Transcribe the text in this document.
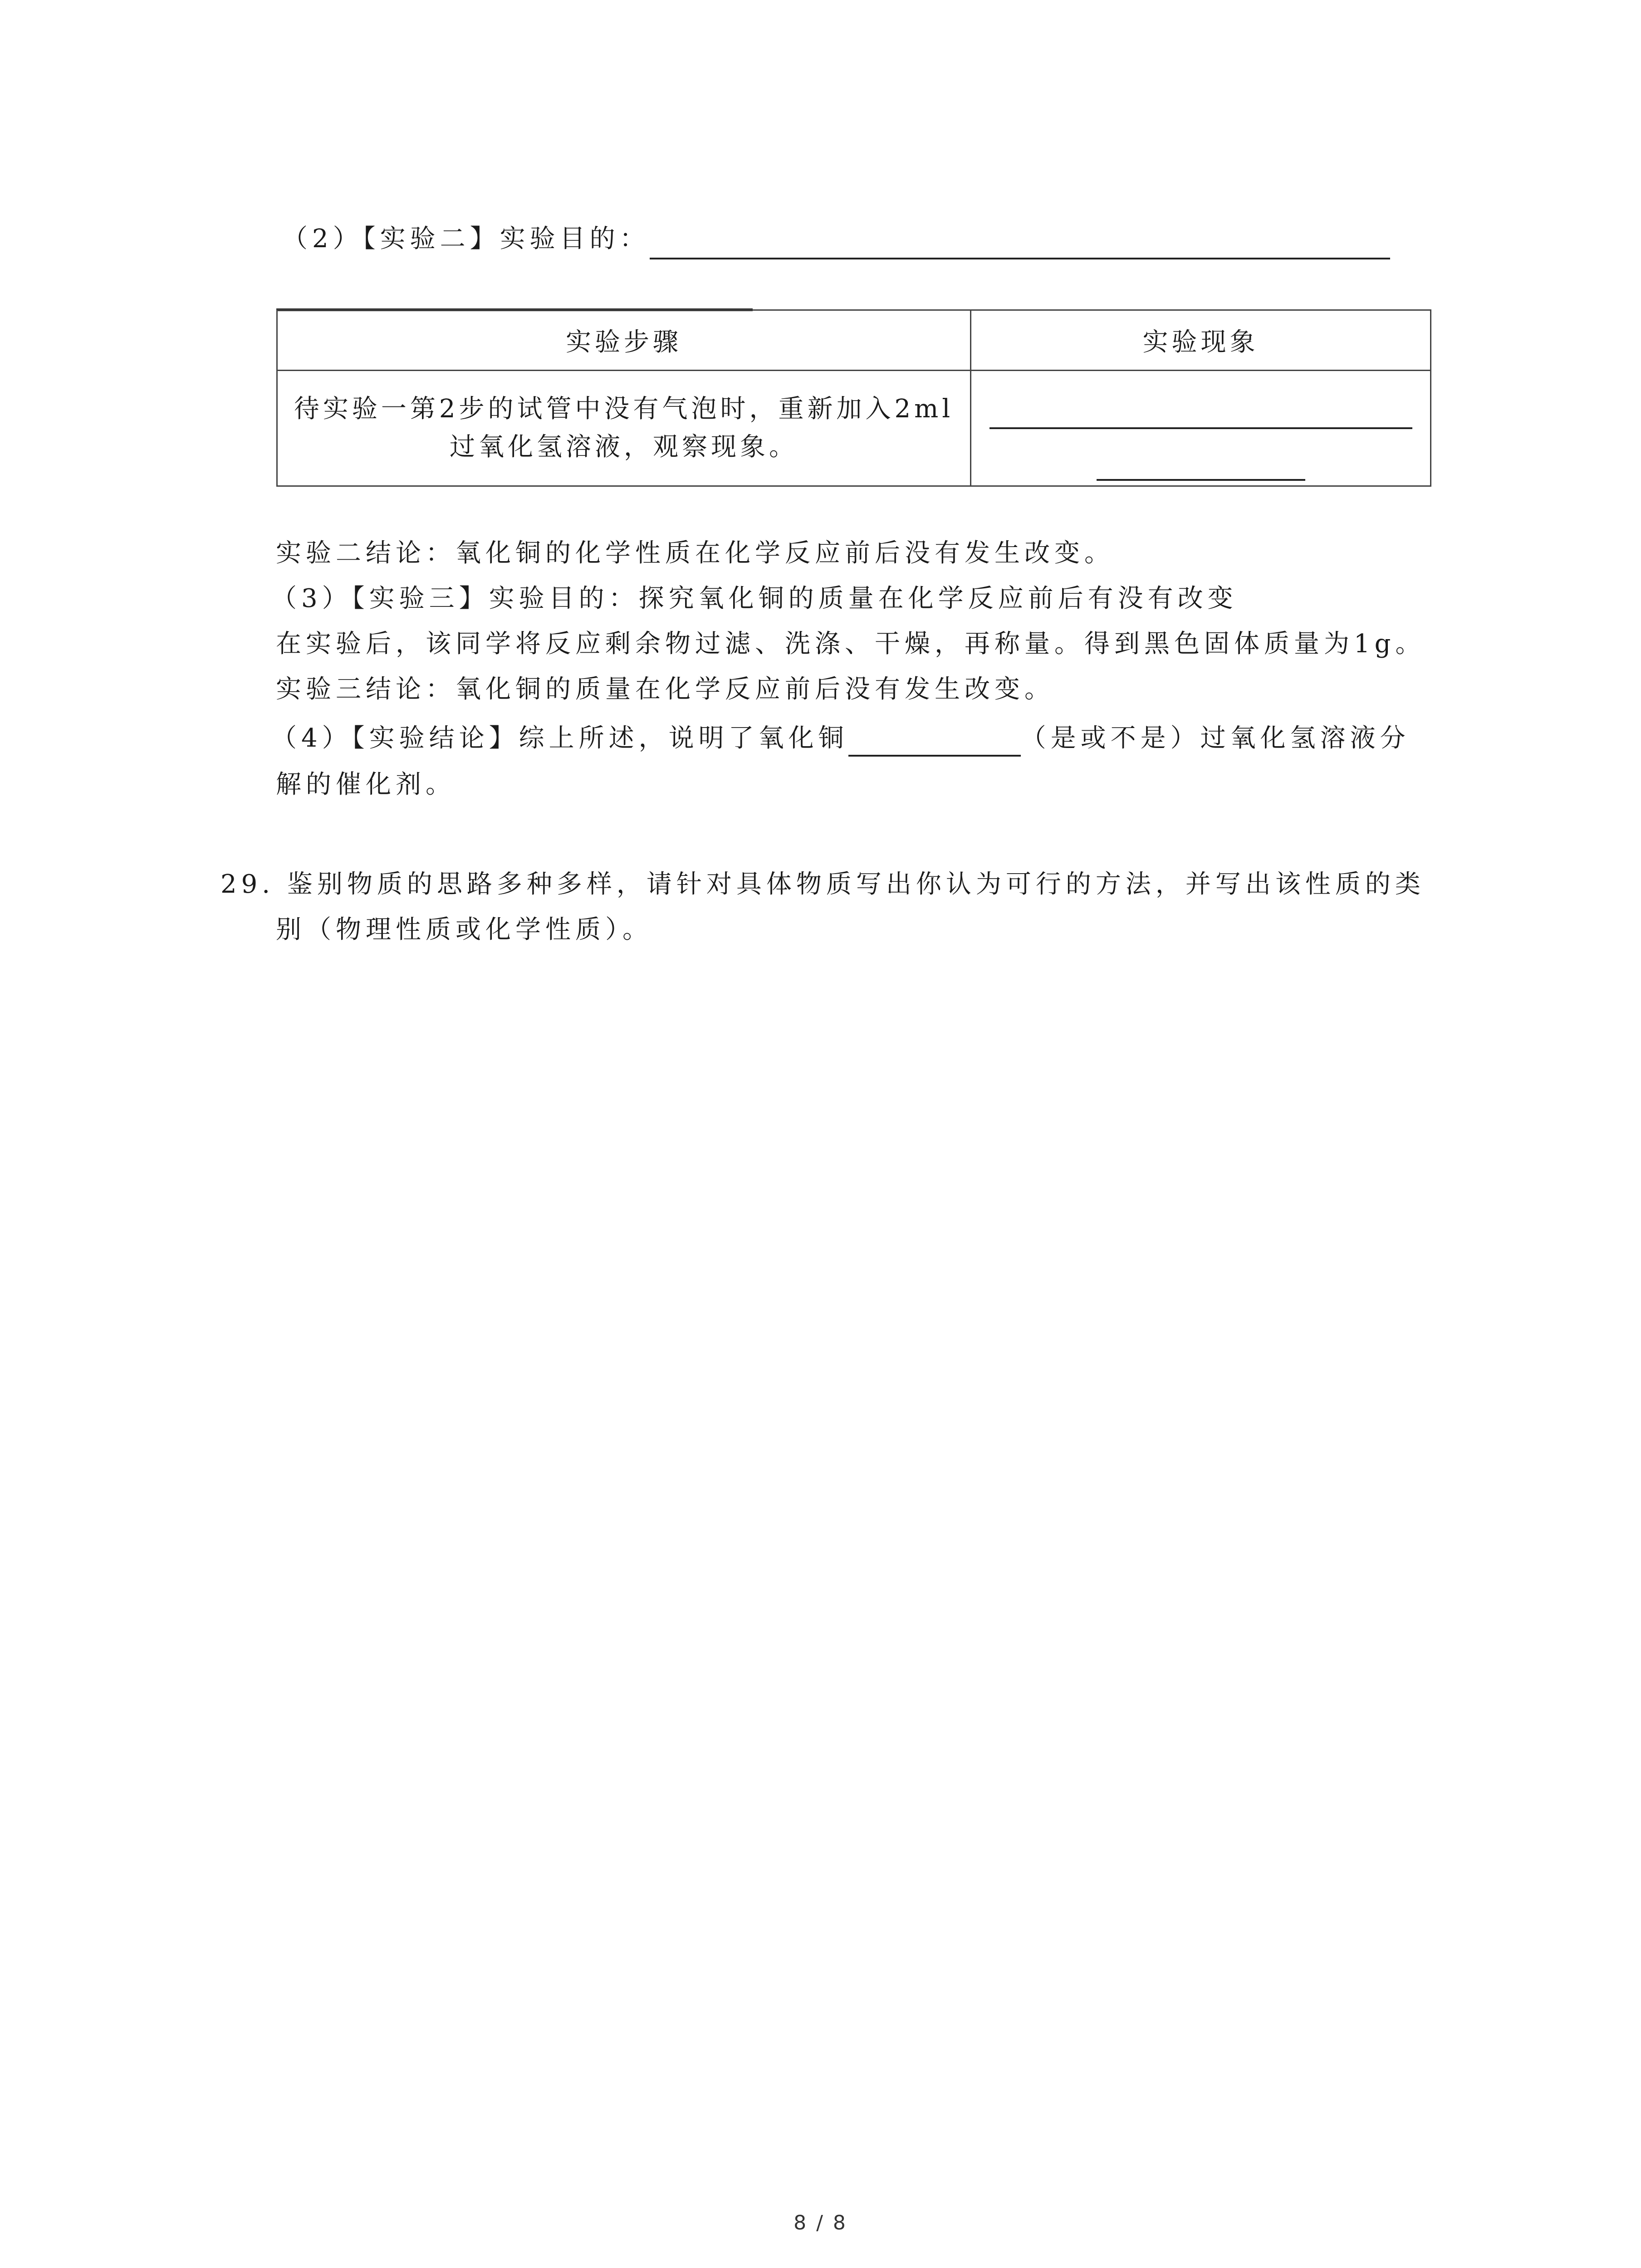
（2）【实验二】实验目的：
实验步骤	实验现象

待实验一第2步的试管中没有气泡时，重新加入2ml
过氧化氢溶液，观察现象。	

实验二结论：氧化铜的化学性质在化学反应前后没有发生改变。
（3）【实验三】实验目的：探究氧化铜的质量在化学反应前后有没有改变
在实验后，该同学将反应剩余物过滤、洗涤、干燥，再称量。得到黑色固体质量为1g。
实验三结论：氧化铜的质量在化学反应前后没有发生改变。
（4）【实验结论】综上所述，说明了氧化铜	（是或不是）过氧化氢溶液分
解的催化剂。
29. 鉴别物质的思路多种多样，请针对具体物质写出你认为可行的方法，并写出该性质的类
别（物理性质或化学性质）。
8 / 8
